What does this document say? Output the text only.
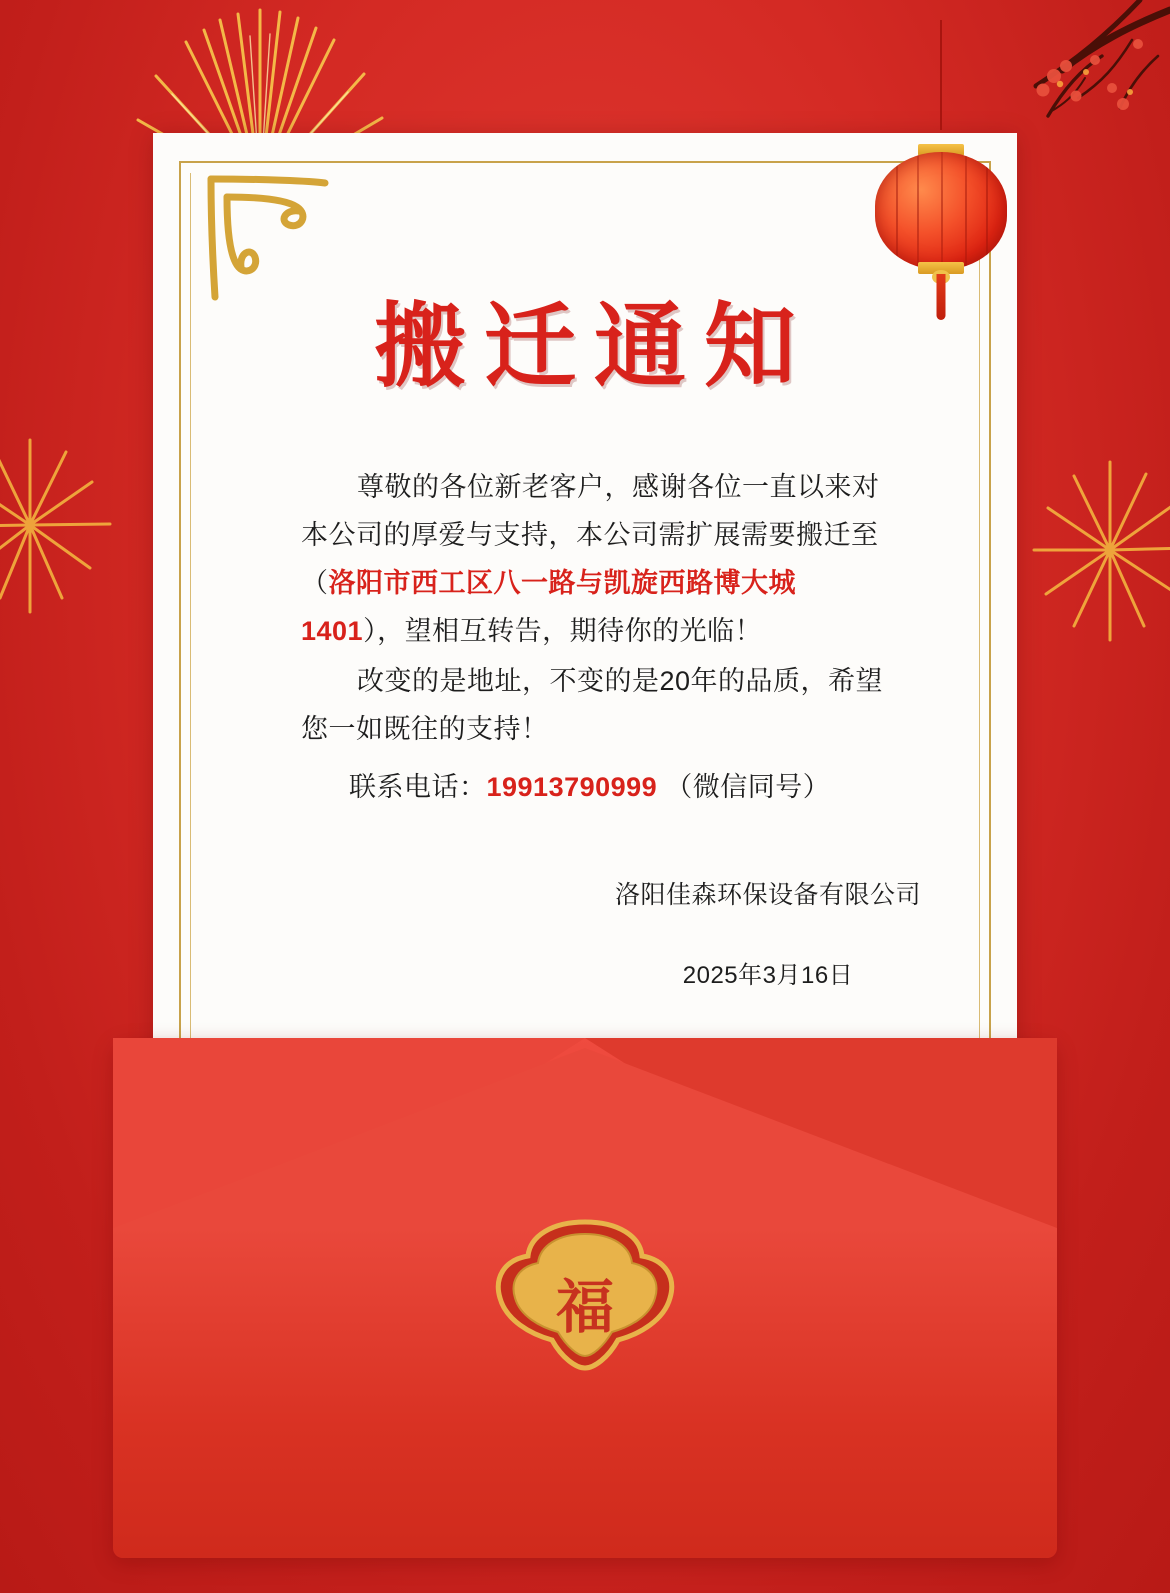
搬迁通知

尊敬的各位新老客户，感谢各位一直以来对本公司的厚爱与支持，本公司需扩展需要搬迁至（洛阳市西工区八一路与凯旋西路博大城1401），望相互转告，期待你的光临！

改变的是地址，不变的是20年的品质，希望您一如既往的支持！

联系电话：19913790999 （微信同号）
洛阳佳森环保设备有限公司
2025年3月16日
福
